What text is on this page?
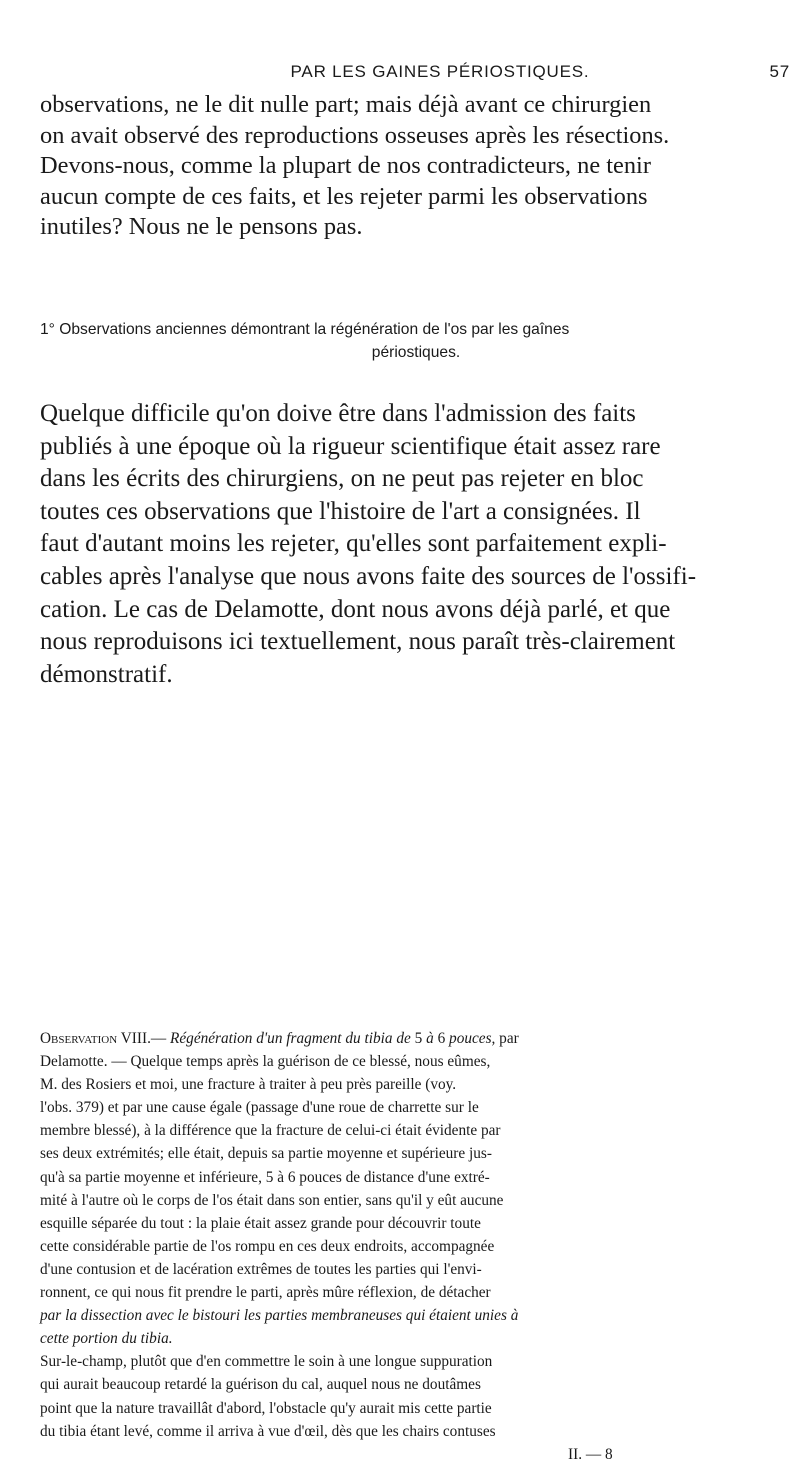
PAR LES GAINES PÉRIOSTIQUES.	57
observations, ne le dit nulle part; mais déjà avant ce chirurgien
on avait observé des reproductions osseuses après les résections.
Devons-nous, comme la plupart de nos contradicteurs, ne tenir
aucun compte de ces faits, et les rejeter parmi les observations
inutiles? Nous ne le pensons pas.
1° Observations anciennes démontrant la régénération de l'os par les gaînes
périostiques.
Quelque difficile qu'on doive être dans l'admission des faits
publiés à une époque où la rigueur scientifique était assez rare
dans les écrits des chirurgiens, on ne peut pas rejeter en bloc
toutes ces observations que l'histoire de l'art a consignées. Il
faut d'autant moins les rejeter, qu'elles sont parfaitement expli-
cables après l'analyse que nous avons faite des sources de l'ossifi-
cation. Le cas de Delamotte, dont nous avons déjà parlé, et que
nous reproduisons ici textuellement, nous paraît très-clairement
démonstratif.
Observation VIII.— Régénération d'un fragment du tibia de 5 à 6 pouces, par
Delamotte. — Quelque temps après la guérison de ce blessé, nous eûmes,
M. des Rosiers et moi, une fracture à traiter à peu près pareille (voy.
l'obs. 379) et par une cause égale (passage d'une roue de charrette sur le
membre blessé), à la différence que la fracture de celui-ci était évidente par
ses deux extrémités; elle était, depuis sa partie moyenne et supérieure jus-
qu'à sa partie moyenne et inférieure, 5 à 6 pouces de distance d'une extré-
mité à l'autre où le corps de l'os était dans son entier, sans qu'il y eût aucune
esquille séparée du tout : la plaie était assez grande pour découvrir toute
cette considérable partie de l'os rompu en ces deux endroits, accompagnée
d'une contusion et de lacération extrêmes de toutes les parties qui l'envi-
ronnent, ce qui nous fit prendre le parti, après mûre réflexion, de détacher
par la dissection avec le bistouri les parties membraneuses qui étaient unies à
cette portion du tibia.
Sur-le-champ, plutôt que d'en commettre le soin à une longue suppuration
qui aurait beaucoup retardé la guérison du cal, auquel nous ne doutâmes
point que la nature travaillât d'abord, l'obstacle qu'y aurait mis cette partie
du tibia étant levé, comme il arriva à vue d'œil, dès que les chairs contuses
II. — 8
